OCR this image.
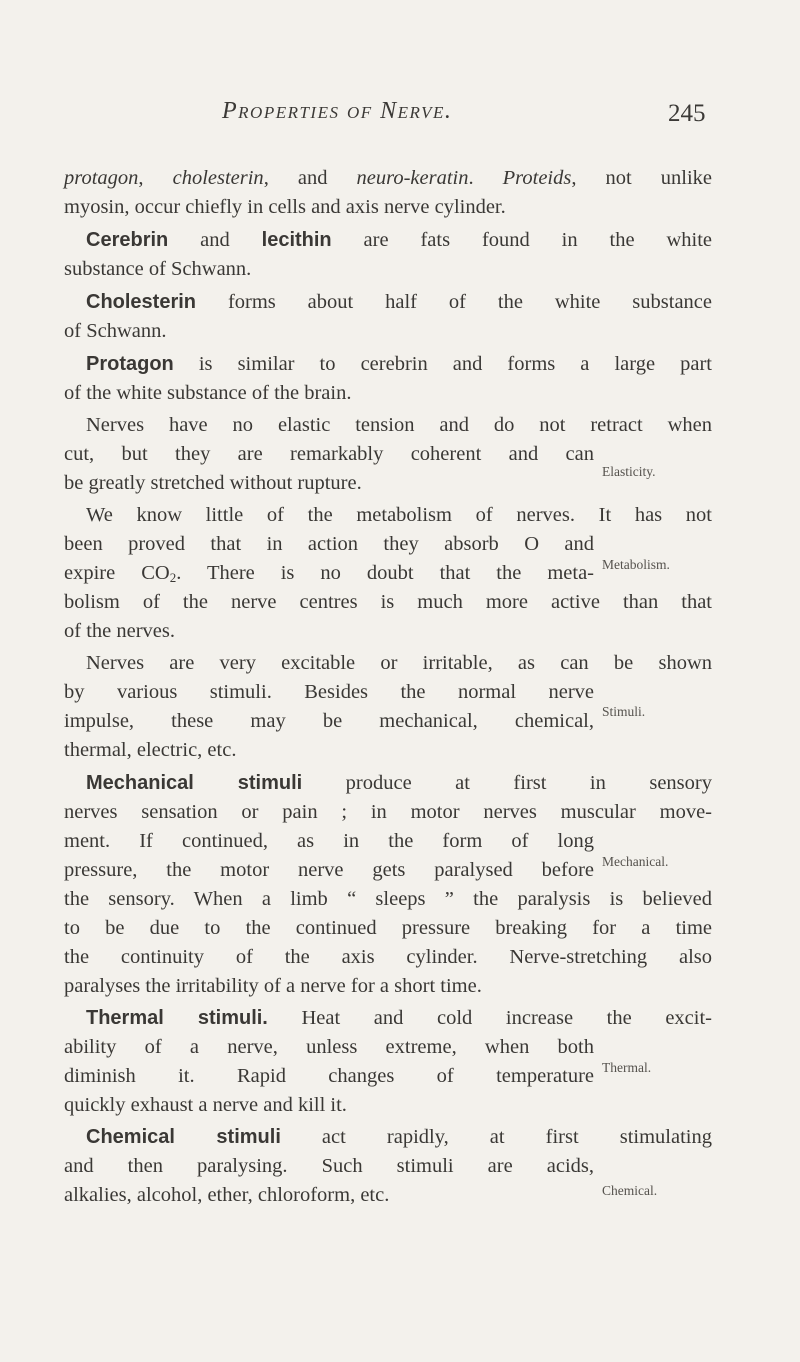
Properties of Nerve.	245
protagon, cholesterin, and neuro-keratin. Proteids, not unlike
myosin, occur chiefly in cells and axis nerve cylinder.
Cerebrin and lecithin are fats found in the white
substance of Schwann.
Cholesterin forms about half of the white substance
of Schwann.
Protagon is similar to cerebrin and forms a large part
of the white substance of the brain.
Nerves have no elastic tension and do not retract when
cut, but they are remarkably coherent and can
be greatly stretched without rupture.
Elasticity.
We know little of the metabolism of nerves. It has not
been proved that in action they absorb O and
expire $CO_2$. There is no doubt that the meta- Metabolism.
bolism of the nerve centres is much more active than that
of the nerves.
Nerves are very excitable or irritable, as can be shown
by various stimuli. Besides the normal nerve
impulse, these may be mechanical, chemical, Stimuli.
thermal, electric, etc.
Mechanical stimuli produce at first in sensory
nerves sensation or pain ; in motor nerves muscular move-
ment. If continued, as in the form of long
pressure, the motor nerve gets paralysed before Mechanical.
the sensory. When a limb “ sleeps ” the paralysis is believed
to be due to the continued pressure breaking for a time
the continuity of the axis cylinder. Nerve-stretching also
paralyses the irritability of a nerve for a short time.
Thermal stimuli. Heat and cold increase the excit-
ability of a nerve, unless extreme, when both
diminish it. Rapid changes of temperature Thermal.
quickly exhaust a nerve and kill it.
Chemical stimuli act rapidly, at first stimulating
and then paralysing. Such stimuli are acids,
alkalies, alcohol, ether, chloroform, etc.	Chemical.
